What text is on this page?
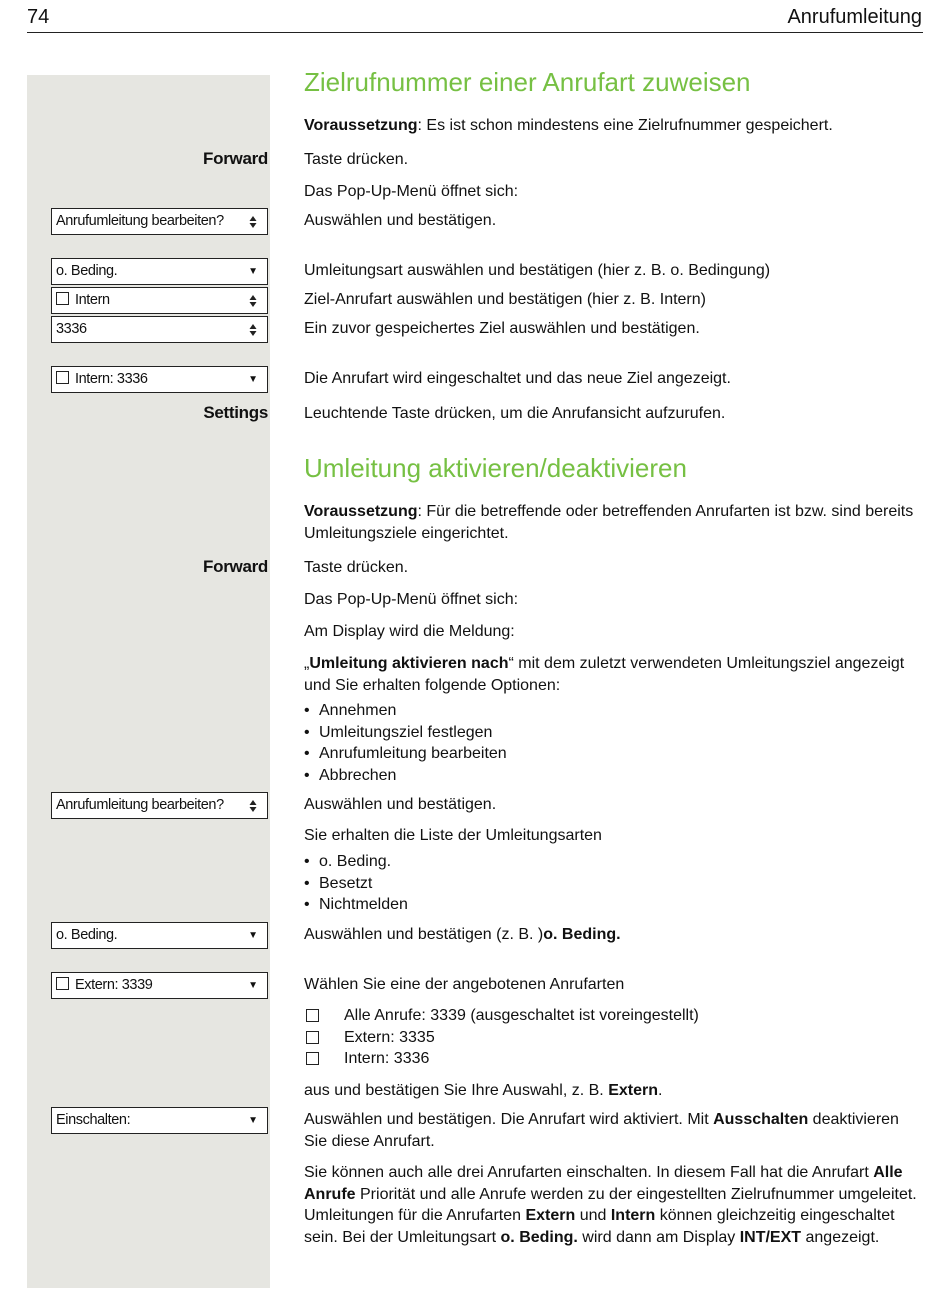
74	Anrufumleitung
Zielrufnummer einer Anrufart zuweisen
Voraussetzung: Es ist schon mindestens eine Zielrufnummer gespeichert.
Forward Taste drücken.
Das Pop-Up-Menü öffnet sich:
Anrufumleitung bearbeiten?	Auswählen und bestätigen.
o. Beding.	▼	Umleitungsart auswählen und bestätigen (hier z. B. o. Bedingung)
Intern	Ziel-Anrufart auswählen und bestätigen (hier z. B. Intern)
3336	Ein zuvor gespeichertes Ziel auswählen und bestätigen.
Intern: 3336	▼	Die Anrufart wird eingeschaltet und das neue Ziel angezeigt.
Settings Leuchtende Taste drücken, um die Anrufansicht aufzurufen.
Umleitung aktivieren/deaktivieren
Voraussetzung: Für die betreffende oder betreffenden Anrufarten ist bzw. sind bereits Umleitungsziele eingerichtet.
Forward Taste drücken.
Das Pop-Up-Menü öffnet sich:
Am Display wird die Meldung:
„Umleitung aktivieren nach“ mit dem zuletzt verwendeten Umleitungsziel angezeigt und Sie erhalten folgende Optionen:
• Annehmen
• Umleitungsziel festlegen
• Anrufumleitung bearbeiten
• Abbrechen
Anrufumleitung bearbeiten?	Auswählen und bestätigen.
Sie erhalten die Liste der Umleitungsarten
• o. Beding.
• Besetzt
• Nichtmelden
o. Beding.	▼	Auswählen und bestätigen (z. B. )o. Beding.
Extern: 3339	▼	Wählen Sie eine der angebotenen Anrufarten
Alle Anrufe: 3339 (ausgeschaltet ist voreingestellt)
Extern: 3335
Intern: 3336
aus und bestätigen Sie Ihre Auswahl, z. B. Extern.
Einschalten:	▼	Auswählen und bestätigen. Die Anrufart wird aktiviert. Mit Ausschalten deaktivieren Sie diese Anrufart.
Sie können auch alle drei Anrufarten einschalten. In diesem Fall hat die Anrufart Alle Anrufe Priorität und alle Anrufe werden zu der eingestellten Zielrufnummer umgeleitet. Umleitungen für die Anrufarten Extern und Intern können gleichzeitig eingeschaltet sein. Bei der Umleitungsart o. Beding. wird dann am Display INT/EXT angezeigt.
